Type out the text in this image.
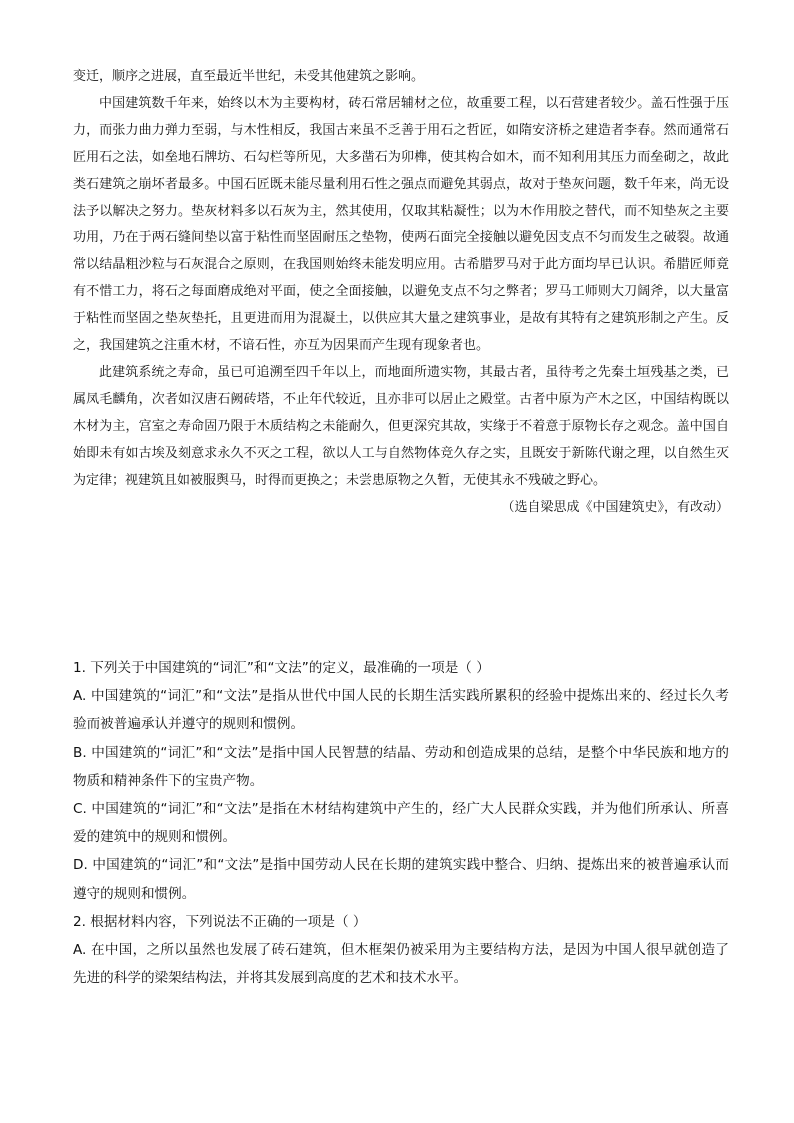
变迁，顺序之进展，直至最近半世纪，未受其他建筑之影响。

中国建筑数千年来，始终以木为主要构材，砖石常居辅材之位，故重要工程，以石营建者较少。盖石性强于压力，而张力曲力弹力至弱，与木性相反，我国古来虽不乏善于用石之哲匠，如隋安济桥之建造者李春。然而通常石匠用石之法，如垒地石牌坊、石勾栏等所见，大多凿石为卯榫，使其构合如木，而不知利用其压力而垒砌之，故此类石建筑之崩坏者最多。中国石匠既未能尽量利用石性之强点而避免其弱点，故对于垫灰问题，数千年来，尚无设法予以解决之努力。垫灰材料多以石灰为主，然其使用，仅取其粘凝性；以为木作用胶之替代，而不知垫灰之主要功用，乃在于两石缝间垫以富于粘性而坚固耐压之垫物，使两石面完全接触以避免因支点不匀而发生之破裂。故通常以结晶粗沙粒与石灰混合之原则，在我国则始终未能发明应用。古希腊罗马对于此方面均早已认识。希腊匠师竟有不惜工力，将石之每面磨成绝对平面，使之全面接触，以避免支点不匀之弊者；罗马工师则大刀阔斧，以大量富于粘性而坚固之垫灰垫托，且更进而用为混凝土，以供应其大量之建筑事业，是故有其特有之建筑形制之产生。反之，我国建筑之注重木材，不谙石性，亦互为因果而产生现有现象者也。

此建筑系统之寿命，虽已可追溯至四千年以上，而地面所遗实物，其最古者，虽待考之先秦土垣残基之类，已属凤毛麟角，次者如汉唐石阙砖塔，不止年代较近，且亦非可以居止之殿堂。古者中原为产木之区，中国结构既以木材为主，宫室之寿命固乃限于木质结构之未能耐久，但更深究其故，实缘于不着意于原物长存之观念。盖中国自始即未有如古埃及刻意求永久不灭之工程，欲以人工与自然物体竞久存之实，且既安于新陈代谢之理，以自然生灭为定律；视建筑且如被服舆马，时得而更换之；未尝患原物之久暂，无使其永不残破之野心。

（选自梁思成《中国建筑史》，有改动）

1. 下列关于中国建筑的“词汇”和“文法”的定义，最准确的一项是（ ）

A. 中国建筑的“词汇”和“文法”是指从世代中国人民的长期生活实践所累积的经验中提炼出来的、经过长久考验而被普遍承认并遵守的规则和惯例。

B. 中国建筑的“词汇”和“文法”是指中国人民智慧的结晶、劳动和创造成果的总结，是整个中华民族和地方的物质和精神条件下的宝贵产物。

C. 中国建筑的“词汇”和“文法”是指在木材结构建筑中产生的，经广大人民群众实践，并为他们所承认、所喜爱的建筑中的规则和惯例。

D. 中国建筑的“词汇”和“文法”是指中国劳动人民在长期的建筑实践中整合、归纳、提炼出来的被普遍承认而遵守的规则和惯例。

2. 根据材料内容，下列说法不正确的一项是（ ）

A. 在中国，之所以虽然也发展了砖石建筑，但木框架仍被采用为主要结构方法，是因为中国人很早就创造了先进的科学的梁架结构法，并将其发展到高度的艺术和技术水平。
